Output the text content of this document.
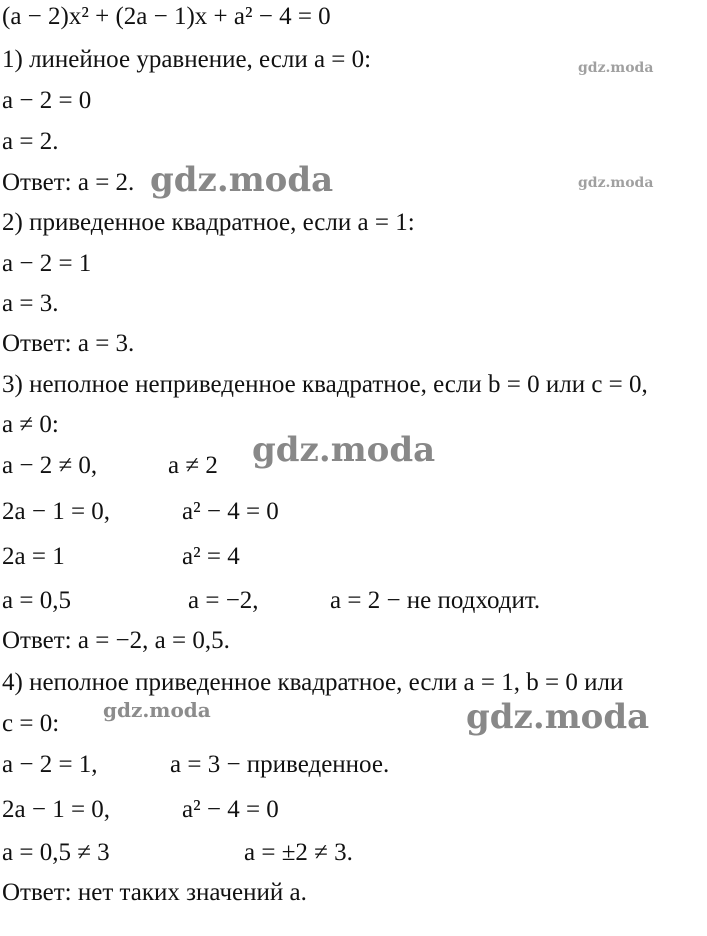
(a − 2)x² + (2a − 1)x + a² − 4 = 0
1) линейное уравнение, если a = 0:
a − 2 = 0
a = 2.
Ответ: a = 2.
2) приведенное квадратное, если a = 1:
a − 2 = 1
a = 3.
Ответ: a = 3.
3) неполное неприведенное квадратное, если b = 0 или c = 0,
a ≠ 0:
a − 2 ≠ 0,	a ≠ 2
2a − 1 = 0,	a² − 4 = 0
2a = 1	a² = 4
a = 0,5	a = −2,	a = 2 − не подходит.
Ответ: a = −2, a = 0,5.
4) неполное приведенное квадратное, если a = 1, b = 0 или
c = 0:
a − 2 = 1,	a = 3 − приведенное.
2a − 1 = 0,	a² − 4 = 0
a = 0,5 ≠ 3	a = ±2 ≠ 3.
Ответ: нет таких значений a.
gdz.moda
gdz.moda	gdz.moda
gdz.moda
gdz.moda	gdz.moda
